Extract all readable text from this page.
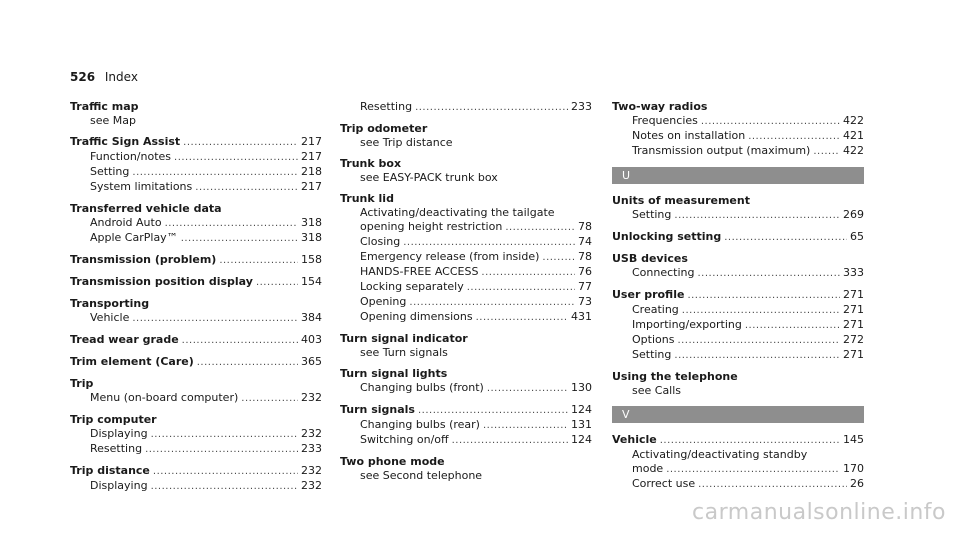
526 Index
Traffic map
see Map
Traffic Sign Assist .....	217
Function/notes .....	217
Setting .....	218
System limitations .....	217
Transferred vehicle data
Android Auto .....	318
Apple CarPlay™ .....	318
Transmission (problem) .....	158
Transmission position display .....	154
Transporting
Vehicle .....	384
Tread wear grade .....	403
Trim element (Care) .....	365
Trip
Menu (on-board computer) .....	232
Trip computer
Displaying .....	232
Resetting .....	233
Trip distance .....	232
Displaying .....	232
Resetting .....	233
Trip odometer
see Trip distance
Trunk box
see EASY-PACK trunk box
Trunk lid
Activating/deactivating the tailgate
opening height restriction .....	78
Closing .....	74
Emergency release (from inside) .....	78
HANDS-FREE ACCESS .....	76
Locking separately .....	77
Opening .....	73
Opening dimensions .....	431
Turn signal indicator
see Turn signals
Turn signal lights
Changing bulbs (front) .....	130
Turn signals .....	124
Changing bulbs (rear) .....	131
Switching on/off .....	124
Two phone mode
see Second telephone
Two-way radios
Frequencies .....	422
Notes on installation .....	421
Transmission output (maximum) .....	422
U
Units of measurement
Setting .....	269
Unlocking setting .....	65
USB devices
Connecting .....	333
User profile .....	271
Creating .....	271
Importing/exporting .....	271
Options .....	272
Setting .....	271
Using the telephone
see Calls
V
Vehicle .....	145
Activating/deactivating standby
mode .....	170
Correct use .....	26
carmanualsonline.info
